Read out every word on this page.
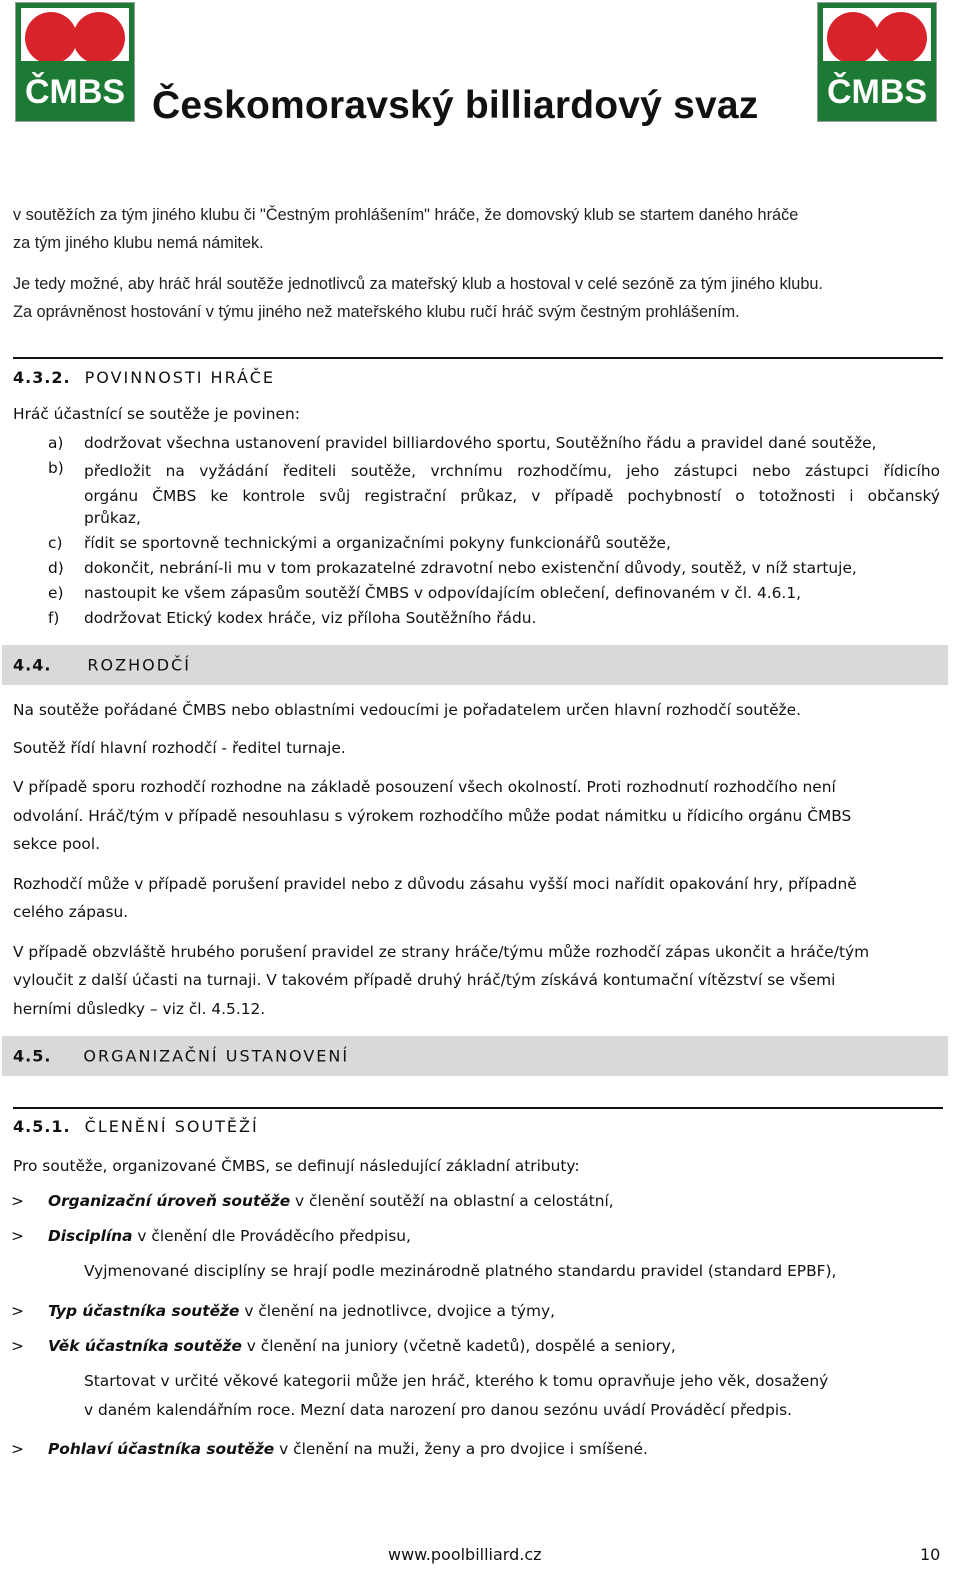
ČMBS Českomoravský billiardový svaz ČMBS
v soutěžích za tým jiného klubu či "Čestným prohlášením" hráče, že domovský klub se startem daného hráče
za tým jiného klubu nemá námitek.
Je tedy možné, aby hráč hrál soutěže jednotlivců za mateřský klub a hostoval v celé sezóně za tým jiného klubu.
Za oprávněnost hostování v týmu jiného než mateřského klubu ručí hráč svým čestným prohlášením.
4.3.2. POVINNOSTI HRÁČE
Hráč účastnící se soutěže je povinen:
a) dodržovat všechna ustanovení pravidel billiardového sportu, Soutěžního řádu a pravidel dané soutěže,
b) předložit na vyžádání řediteli soutěže, vrchnímu rozhodčímu, jeho zástupci nebo zástupci řídicího
orgánu ČMBS ke kontrole svůj registrační průkaz, v případě pochybností o totožnosti i občanský
průkaz,
c) řídit se sportovně technickými a organizačními pokyny funkcionářů soutěže,
d) dokončit, nebrání-li mu v tom prokazatelné zdravotní nebo existenční důvody, soutěž, v níž startuje,
e) nastoupit ke všem zápasům soutěží ČMBS v odpovídajícím oblečení, definovaném v čl. 4.6.1,
f) dodržovat Etický kodex hráče, viz příloha Soutěžního řádu.
4.4. ROZHODČÍ
Na soutěže pořádané ČMBS nebo oblastními vedoucími je pořadatelem určen hlavní rozhodčí soutěže.
Soutěž řídí hlavní rozhodčí - ředitel turnaje.
V případě sporu rozhodčí rozhodne na základě posouzení všech okolností. Proti rozhodnutí rozhodčího není
odvolání. Hráč/tým v případě nesouhlasu s výrokem rozhodčího může podat námitku u řídicího orgánu ČMBS
sekce pool.
Rozhodčí může v případě porušení pravidel nebo z důvodu zásahu vyšší moci nařídit opakování hry, případně
celého zápasu.
V případě obzvláště hrubého porušení pravidel ze strany hráče/týmu může rozhodčí zápas ukončit a hráče/tým
vyloučit z další účasti na turnaji. V takovém případě druhý hráč/tým získává kontumační vítězství se všemi
herními důsledky – viz čl. 4.5.12.
4.5. ORGANIZAČNÍ USTANOVENÍ
4.5.1. ČLENĚNÍ SOUTĚŽÍ
Pro soutěže, organizované ČMBS, se definují následující základní atributy:
> Organizační úroveň soutěže v členění soutěží na oblastní a celostátní,
> Disciplína v členění dle Prováděcího předpisu,
Vyjmenované disciplíny se hrají podle mezinárodně platného standardu pravidel (standard EPBF),
> Typ účastníka soutěže v členění na jednotlivce, dvojice a týmy,
> Věk účastníka soutěže v členění na juniory (včetně kadetů), dospělé a seniory,
Startovat v určité věkové kategorii může jen hráč, kterého k tomu opravňuje jeho věk, dosažený
v daném kalendářním roce. Mezní data narození pro danou sezónu uvádí Prováděcí předpis.
> Pohlaví účastníka soutěže v členění na muži, ženy a pro dvojice i smíšené.
www.poolbilliard.cz	10
